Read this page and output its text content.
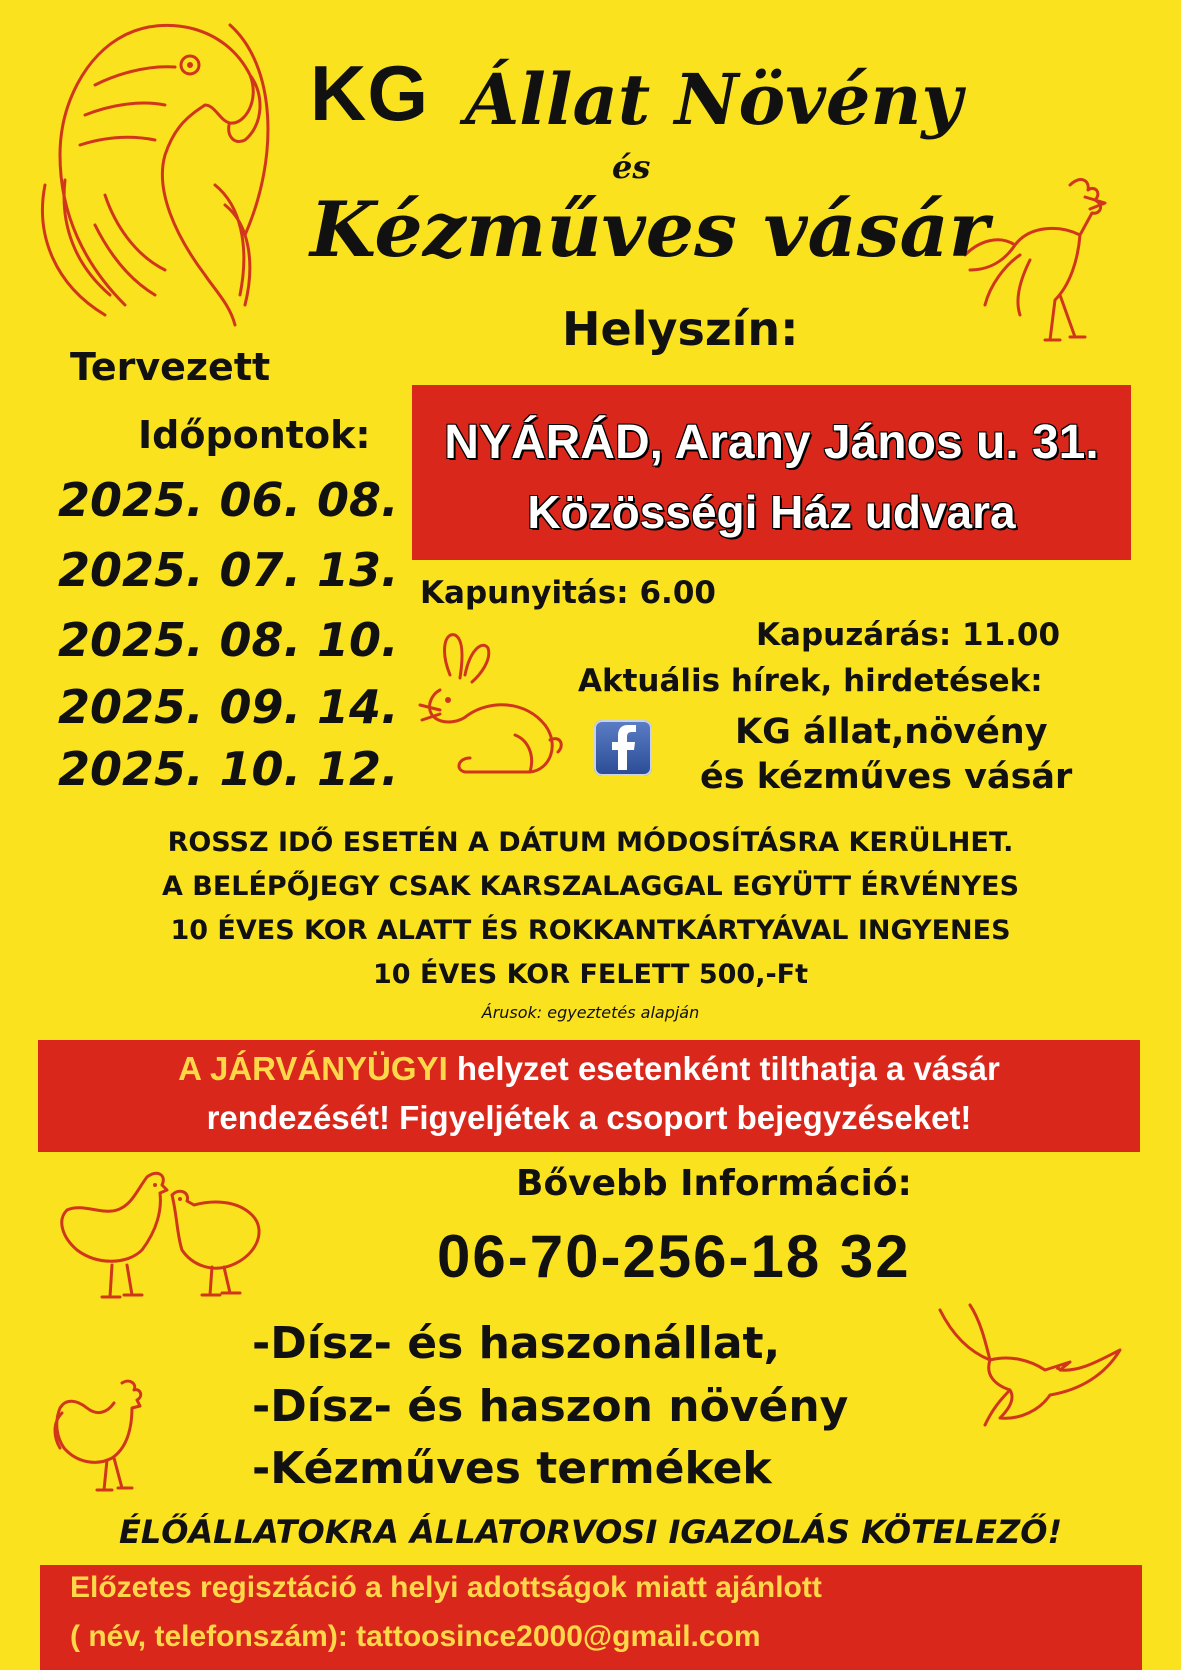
KG Állat Növény
és
Kézműves vásár
Helyszín:
NYÁRÁD, Arany János u. 31.
Közösségi Ház udvara
Tervezett
Időpontok:
2025. 06. 08.
2025. 07. 13.
2025. 08. 10.
2025. 09. 14.
2025. 10. 12.
Kapunyitás: 6.00
Kapuzárás: 11.00
Aktuális hírek, hirdetések:
KG állat,növény
és kézműves vásár
ROSSZ IDŐ ESETÉN A DÁTUM MÓDOSÍTÁSRA KERÜLHET.
A BELÉPŐJEGY CSAK KARSZALAGGAL EGYÜTT ÉRVÉNYES
10 ÉVES KOR ALATT ÉS ROKKANTKÁRTYÁVAL INGYENES
10 ÉVES KOR FELETT 500,-Ft
Árusok: egyeztetés alapján
A JÁRVÁNYÜGYI helyzet esetenként tilthatja a vásár
rendezését! Figyeljétek a csoport bejegyzéseket!
Bővebb Információ:
06-70-256-18 32
-Dísz- és haszonállat,
-Dísz- és haszon növény
-Kézműves termékek
ÉLŐÁLLATOKRA ÁLLATORVOSI IGAZOLÁS KÖTELEZŐ!
Előzetes regisztáció a helyi adottságok miatt ajánlott
( név, telefonszám): tattoosince2000@gmail.com
